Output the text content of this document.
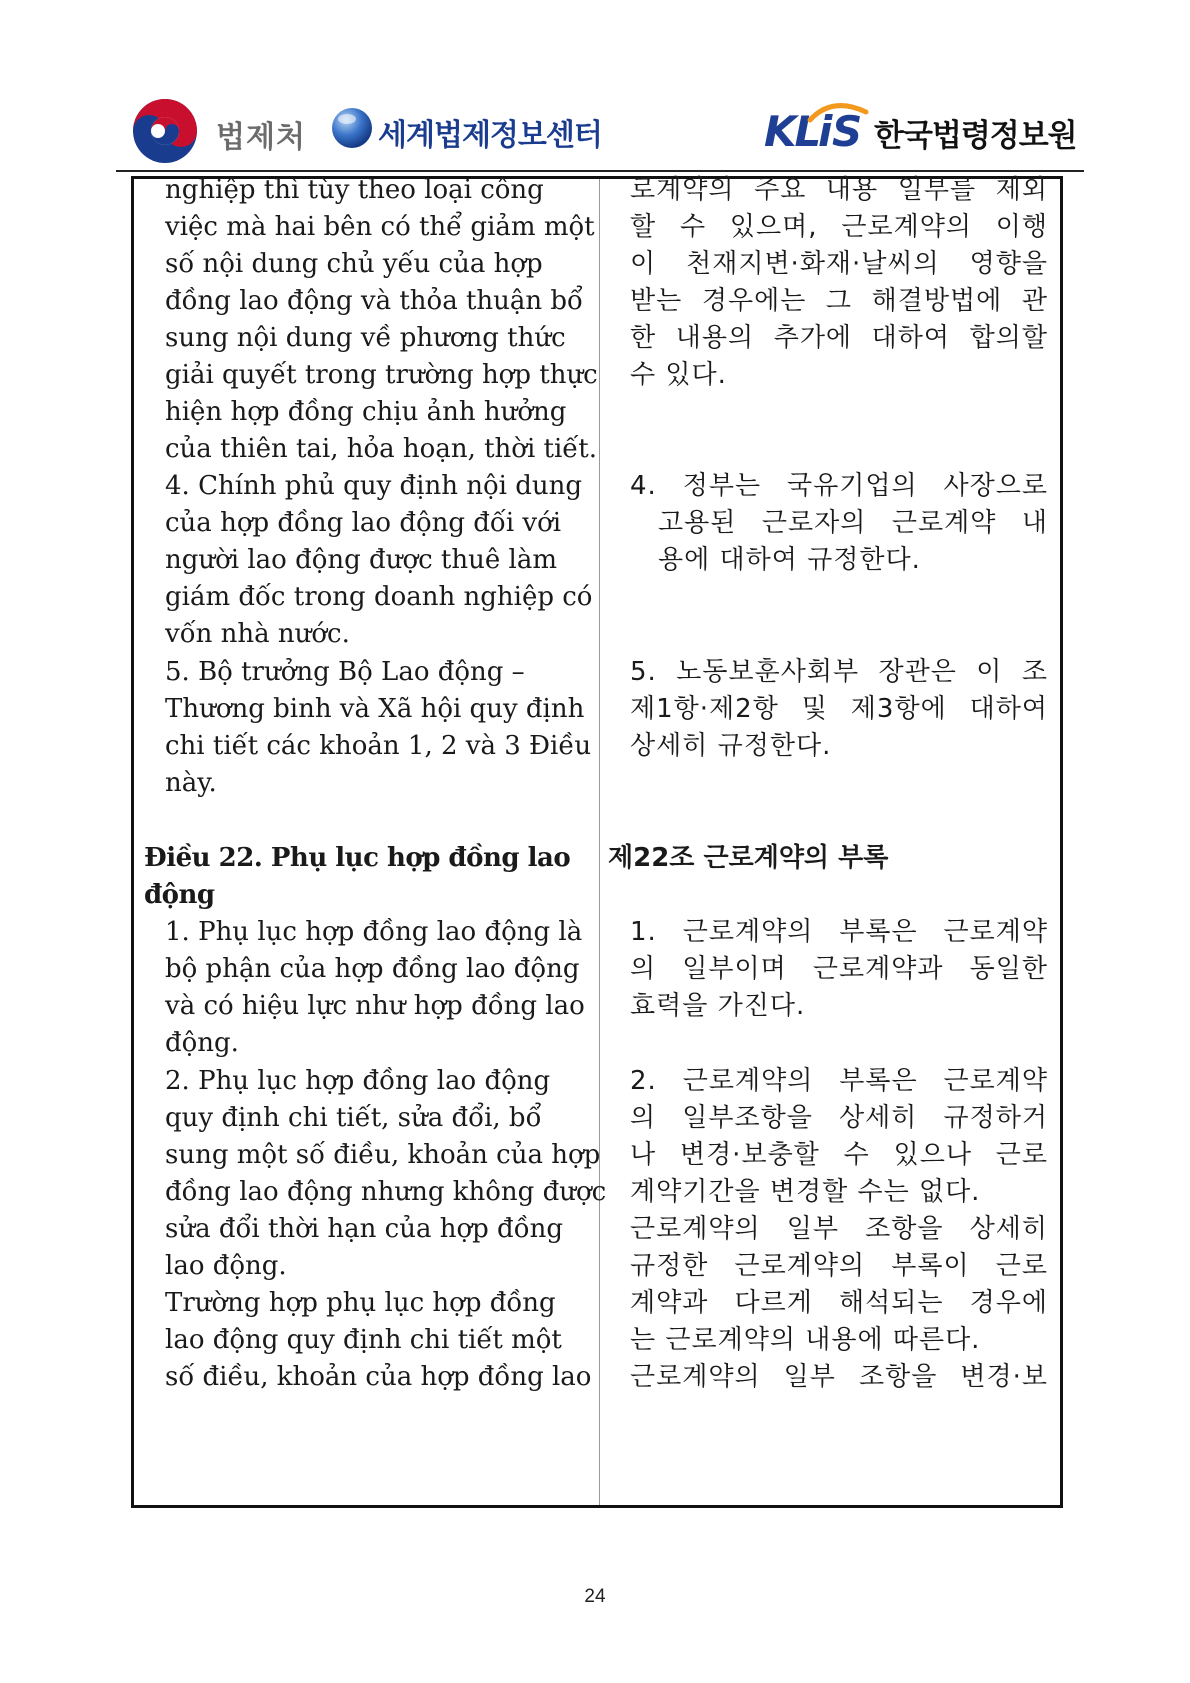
법제처 세계법제정보센터	KL
i S 한국법령정보원
nghiệp thì tùy theo loại công
việc mà hai bên có thể giảm một
số nội dung chủ yếu của hợp
đồng lao động và thỏa thuận bổ
sung nội dung về phương thức
giải quyết trong trường hợp thực
hiện hợp đồng chịu ảnh hưởng
của thiên tai, hỏa hoạn, thời tiết.
4. Chính phủ quy định nội dung
của hợp đồng lao động đối với
người lao động được thuê làm
giám đốc trong doanh nghiệp có
vốn nhà nước.
5. Bộ trưởng Bộ Lao động –
Thương binh và Xã hội quy định
chi tiết các khoản 1, 2 và 3 Điều
này.
Điều 22. Phụ lục hợp đồng lao
động
1. Phụ lục hợp đồng lao động là
bộ phận của hợp đồng lao động
và có hiệu lực như hợp đồng lao
động.
2. Phụ lục hợp đồng lao động
quy định chi tiết, sửa đổi, bổ
sung một số điều, khoản của hợp
đồng lao động nhưng không được
sửa đổi thời hạn của hợp đồng
lao động.
Trường hợp phụ lục hợp đồng
lao động quy định chi tiết một
số điều, khoản của hợp đồng lao
로계약의 주요 내용 일부를 제외
할 수 있으며, 근로계약의 이행
이 천재지변·화재·날씨의 영향을
받는 경우에는 그 해결방법에 관
한 내용의 추가에 대하여 합의할
수 있다.
4. 정부는 국유기업의 사장으로
고용된 근로자의 근로계약 내
용에 대하여 규정한다.
5. 노동보훈사회부 장관은 이 조
제1항·제2항 및 제3항에 대하여
상세히 규정한다.
제22조 근로계약의 부록
1. 근로계약의 부록은 근로계약
의 일부이며 근로계약과 동일한
효력을 가진다.
2. 근로계약의 부록은 근로계약
의 일부조항을 상세히 규정하거
나 변경·보충할 수 있으나 근로
계약기간을 변경할 수는 없다.
근로계약의 일부 조항을 상세히
규정한 근로계약의 부록이 근로
계약과 다르게 해석되는 경우에
는 근로계약의 내용에 따른다.
근로계약의 일부 조항을 변경·보
24
